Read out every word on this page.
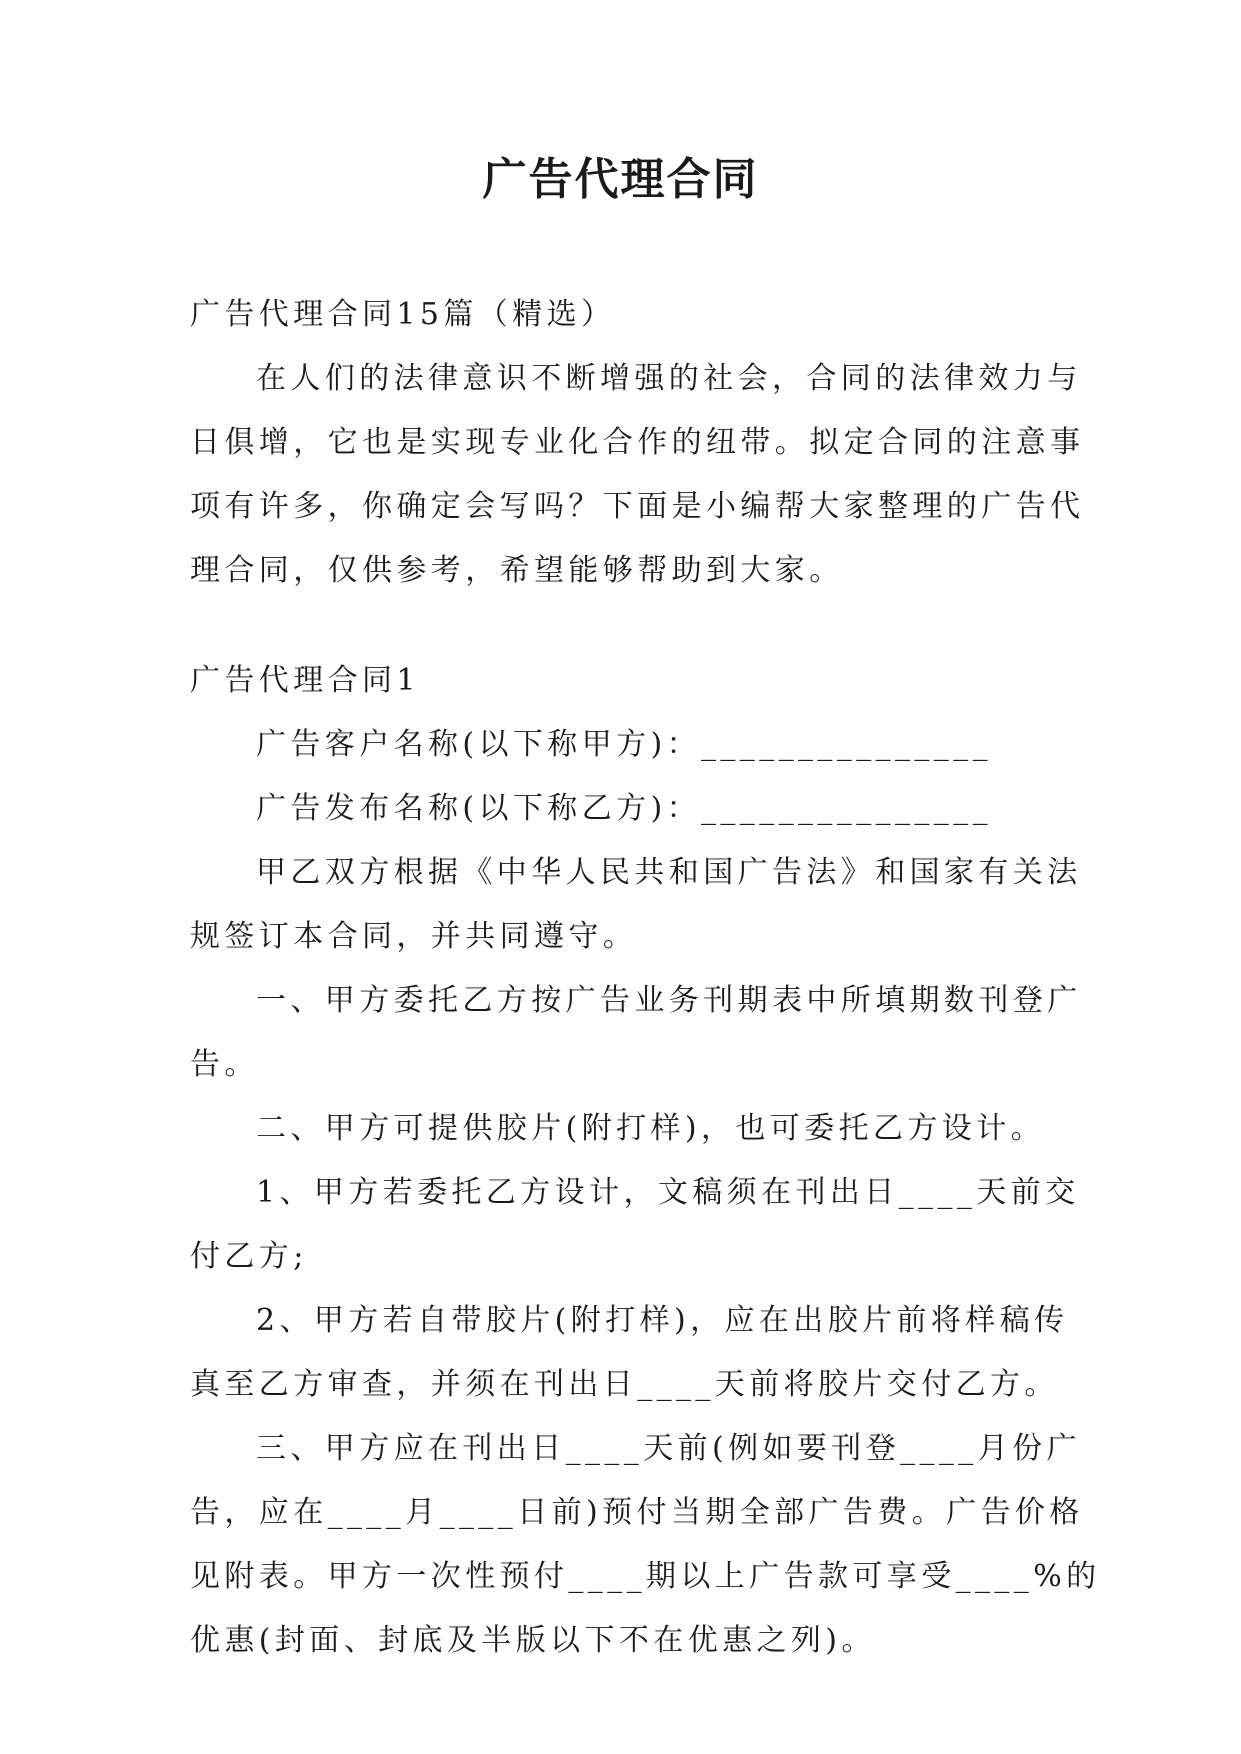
广告代理合同
广告代理合同15篇（精选）
在人们的法律意识不断增强的社会，合同的法律效力与
日俱增，它也是实现专业化合作的纽带。拟定合同的注意事
项有许多，你确定会写吗？下面是小编帮大家整理的广告代
理合同，仅供参考，希望能够帮助到大家。
广告代理合同1
广告客户名称(以下称甲方)：_______________
广告发布名称(以下称乙方)：_______________
甲乙双方根据《中华人民共和国广告法》和国家有关法
规签订本合同，并共同遵守。
一、甲方委托乙方按广告业务刊期表中所填期数刊登广
告。
二、甲方可提供胶片(附打样)，也可委托乙方设计。
1、甲方若委托乙方设计，文稿须在刊出日____天前交
付乙方;
2、甲方若自带胶片(附打样)，应在出胶片前将样稿传
真至乙方审查，并须在刊出日____天前将胶片交付乙方。
三、甲方应在刊出日____天前(例如要刊登____月份广
告，应在____月____日前)预付当期全部广告费。广告价格
见附表。甲方一次性预付____期以上广告款可享受____%的
优惠(封面、封底及半版以下不在优惠之列)。
